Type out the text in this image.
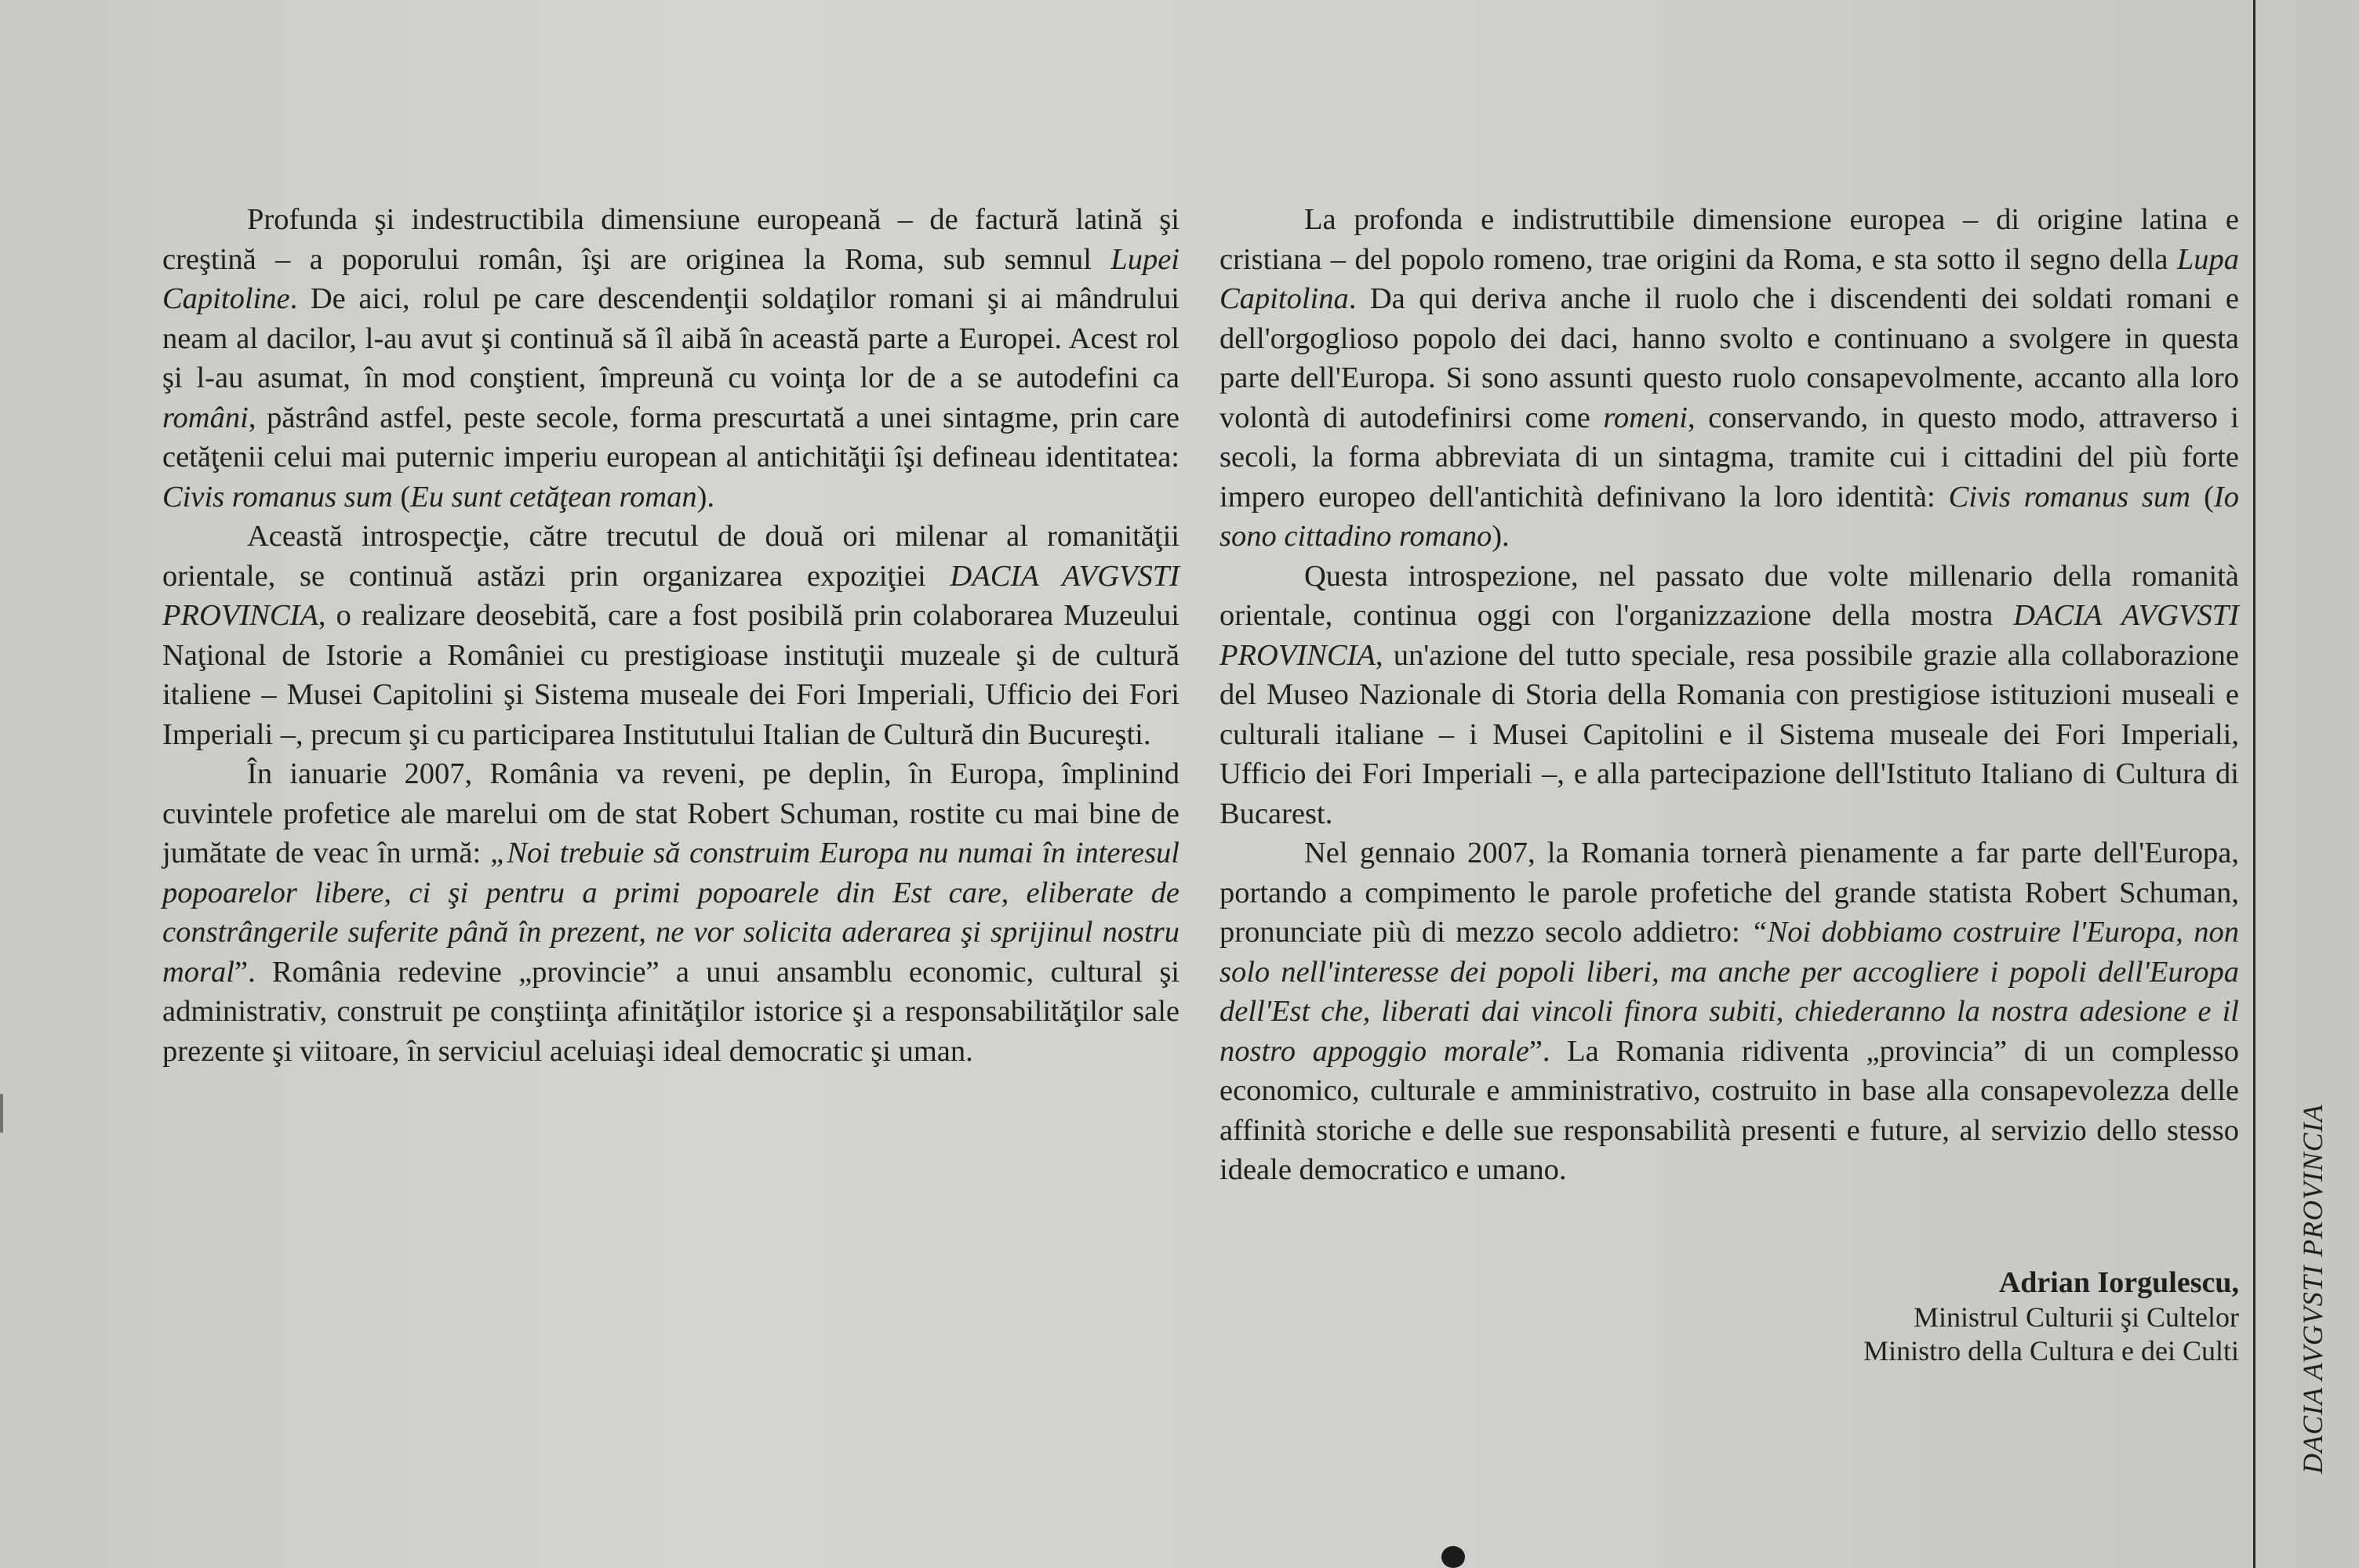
Profunda şi indestructibila dimensiune europeană – de factură latină şi creştină – a poporului român, îşi are originea la Roma, sub semnul Lupei Capitoline. De aici, rolul pe care descendenţii soldaţilor romani şi ai mândrului neam al dacilor, l-au avut şi continuă să îl aibă în această parte a Europei. Acest rol şi l-au asumat, în mod conştient, împreună cu voinţa lor de a se autodefini ca români, păstrând astfel, peste secole, forma prescurtată a unei sintagme, prin care cetăţenii celui mai puternic imperiu european al antichităţii îşi defineau identitatea: Civis romanus sum (Eu sunt cetăţean roman).

Această introspecţie, către trecutul de două ori milenar al romanităţii orientale, se continuă astăzi prin organizarea expoziţiei DACIA AVGVSTI PROVINCIA, o realizare deosebită, care a fost posibilă prin colaborarea Muzeului Naţional de Istorie a României cu prestigioase instituţii muzeale şi de cultură italiene – Musei Capitolini şi Sistema museale dei Fori Imperiali, Ufficio dei Fori Imperiali –, precum şi cu participarea Institutului Italian de Cultură din Bucureşti.

În ianuarie 2007, România va reveni, pe deplin, în Europa, împlinind cuvintele profetice ale marelui om de stat Robert Schuman, rostite cu mai bine de jumătate de veac în urmă: „Noi trebuie să construim Europa nu numai în interesul popoarelor libere, ci şi pentru a primi popoarele din Est care, eliberate de constrângerile suferite până în prezent, ne vor solicita aderarea şi sprijinul nostru moral”. România redevine „provincie” a unui ansamblu economic, cultural şi administrativ, construit pe conştiinţa afinităţilor istorice şi a responsabilităţilor sale prezente şi viitoare, în serviciul aceluiaşi ideal democratic şi uman.

La profonda e indistruttibile dimensione europea – di origine latina e cristiana – del popolo romeno, trae origini da Roma, e sta sotto il segno della Lupa Capitolina. Da qui deriva anche il ruolo che i discendenti dei soldati romani e dell'orgoglioso popolo dei daci, hanno svolto e continuano a svolgere in questa parte dell'Europa. Si sono assunti questo ruolo consapevolmente, accanto alla loro volontà di autodefinirsi come romeni, conservando, in questo modo, attraverso i secoli, la forma abbreviata di un sintagma, tramite cui i cittadini del più forte impero europeo dell'antichità definivano la loro identità: Civis romanus sum (Io sono cittadino romano).

Questa introspezione, nel passato due volte millenario della romanità orientale, continua oggi con l'organizzazione della mostra DACIA AVGVSTI PROVINCIA, un'azione del tutto speciale, resa possibile grazie alla collaborazione del Museo Nazionale di Storia della Romania con prestigiose istituzioni museali e culturali italiane – i Musei Capitolini e il Sistema museale dei Fori Imperiali, Ufficio dei Fori Imperiali –, e alla partecipazione dell'Istituto Italiano di Cultura di Bucarest.

Nel gennaio 2007, la Romania tornerà pienamente a far parte dell'Europa, portando a compimento le parole profetiche del grande statista Robert Schuman, pronunciate più di mezzo secolo addietro: “Noi dobbiamo costruire l'Europa, non solo nell'interesse dei popoli liberi, ma anche per accogliere i popoli dell'Europa dell'Est che, liberati dai vincoli finora subiti, chiederanno la nostra adesione e il nostro appoggio morale”. La Romania ridiventa „provincia” di un complesso economico, culturale e amministrativo, costruito in base alla consapevolezza delle affinità storiche e delle sue responsabilità presenti e future, al servizio dello stesso ideale democratico e umano.

Adrian Iorgulescu,
Ministrul Culturii şi Cultelor
Ministro della Cultura e dei Culti DACIA AVGVSTI PROVINCIA
